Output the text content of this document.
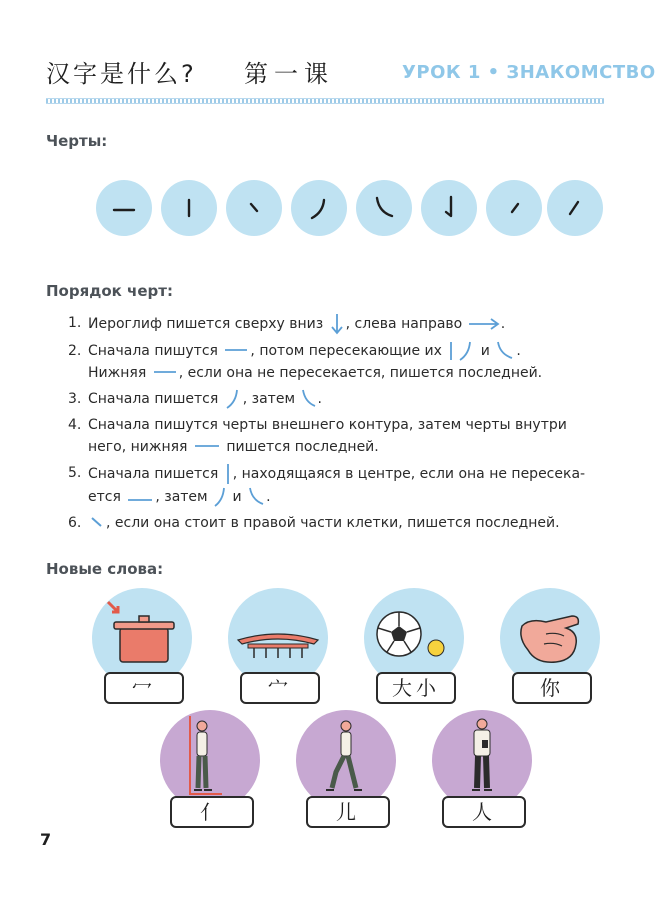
汉字是什么? 第一课	УРОК 1 • ЗНАКОМСТВО
Черты:
Порядок черт:
1. Иероглиф пишется сверху вниз , слева направо .
2. Сначала пишутся , потом пересекающие их  и .
Нижняя , если она не пересекается, пишется последней.
3. Сначала пишется , затем .
4. Сначала пишутся черты внешнего контура, затем черты внутри него, нижняя  пишется последней.
5. Сначала пишется , находящаяся в центре, если она не пересека-ется , затем  и .
6. , если она стоит в правой части клетки, пишется последней.
Новые слова:
冖	宀	大小	你
亻	儿	人
7
